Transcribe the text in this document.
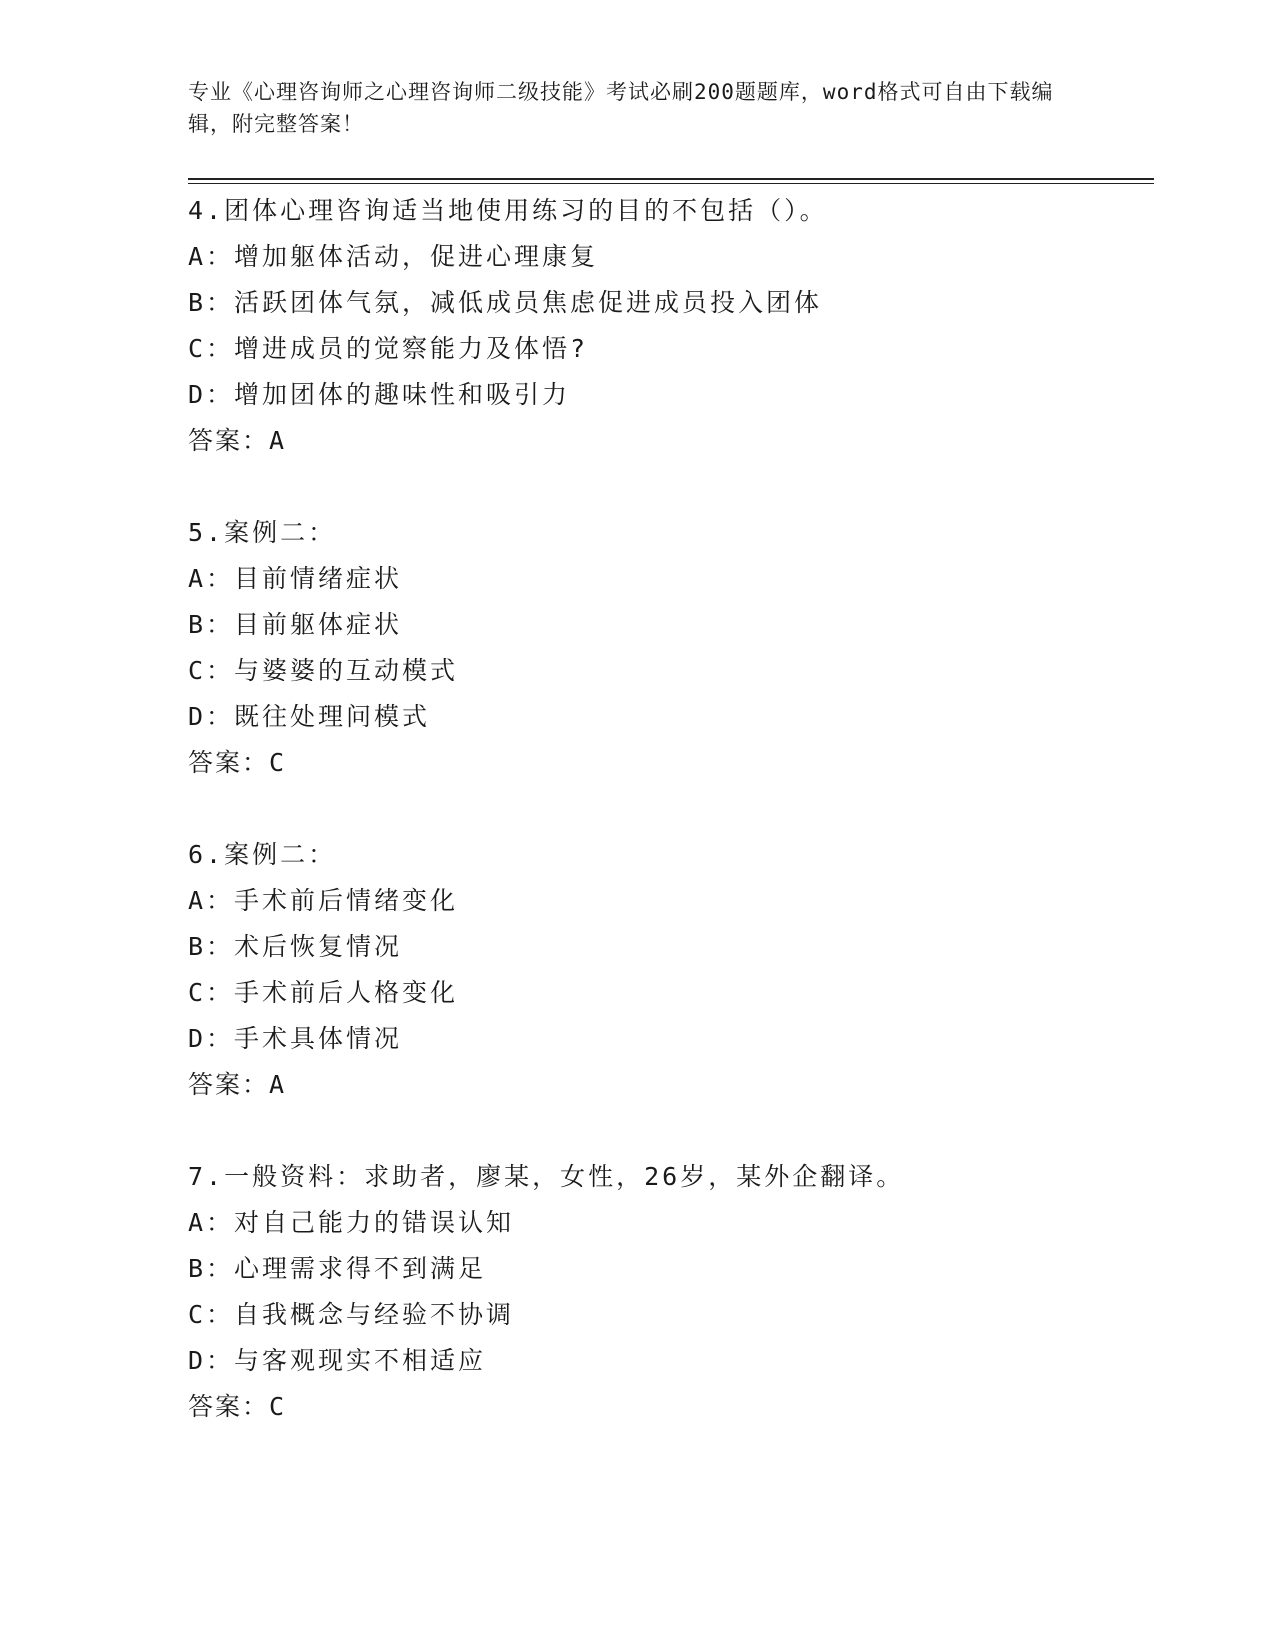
专业《心理咨询师之心理咨询师二级技能》考试必刷200题题库，word格式可自由下载编辑，附完整答案！
4.团体心理咨询适当地使用练习的目的不包括（）。
A：增加躯体活动，促进心理康复
B：活跃团体气氛，减低成员焦虑促进成员投入团体
C：增进成员的觉察能力及体悟?
D：增加团体的趣味性和吸引力
答案：A
5.案例二：
A：目前情绪症状
B：目前躯体症状
C：与婆婆的互动模式
D：既往处理问模式
答案：C
6.案例二：
A：手术前后情绪变化
B：术后恢复情况
C：手术前后人格变化
D：手术具体情况
答案：A
7.一般资料：求助者，廖某，女性，26岁，某外企翻译。
A：对自己能力的错误认知
B：心理需求得不到满足
C：自我概念与经验不协调
D：与客观现实不相适应
答案：C
